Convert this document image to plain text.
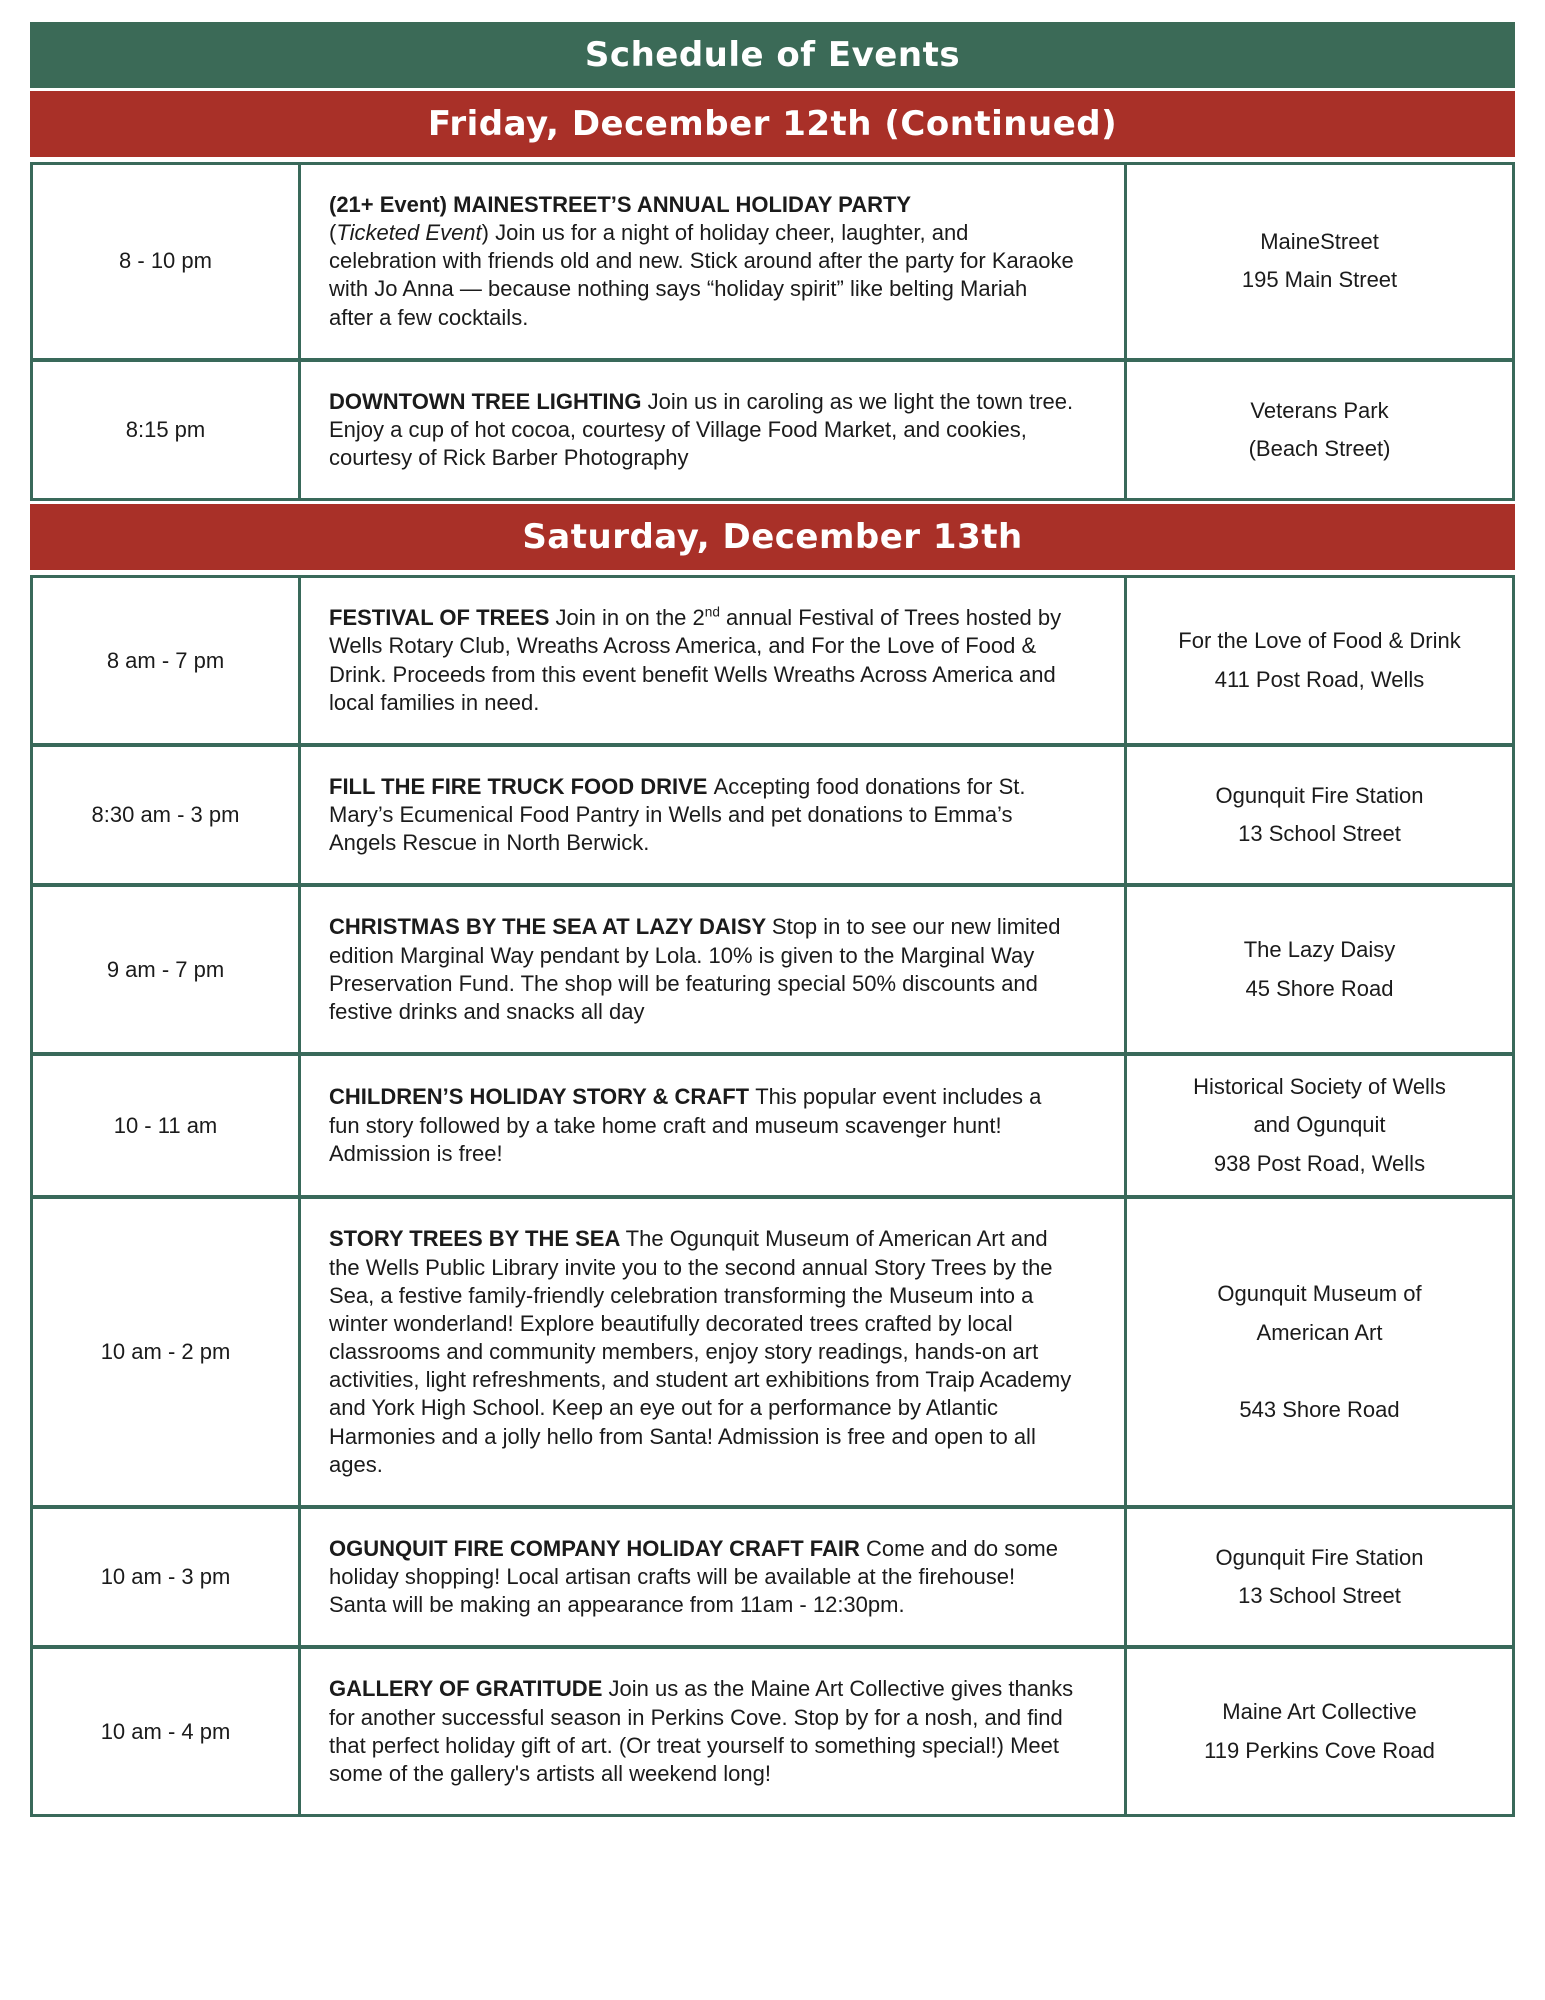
Schedule of Events
Friday, December 12th (Continued)
8 - 10 pm

(21+ Event) MAINESTREET’S ANNUAL HOLIDAY PARTY
(Ticketed Event) Join us for a night of holiday cheer, laughter, and celebration with friends old and new. Stick around after the party for Karaoke with Jo Anna — because nothing says “holiday spirit” like belting Mariah after a few cocktails.

MaineStreet
195 Main Street
8:15 pm

DOWNTOWN TREE LIGHTING Join us in caroling as we light the town tree. Enjoy a cup of hot cocoa, courtesy of Village Food Market, and cookies, courtesy of Rick Barber Photography

Veterans Park
(Beach Street)
Saturday, December 13th
8 am - 7 pm

FESTIVAL OF TREES Join in on the 2nd annual Festival of Trees hosted by Wells Rotary Club, Wreaths Across America, and For the Love of Food & Drink. Proceeds from this event benefit Wells Wreaths Across America and local families in need.

For the Love of Food & Drink
411 Post Road, Wells
8:30 am - 3 pm

FILL THE FIRE TRUCK FOOD DRIVE Accepting food donations for St. Mary’s Ecumenical Food Pantry in Wells and pet donations to Emma’s Angels Rescue in North Berwick.

Ogunquit Fire Station
13 School Street
9 am - 7 pm

CHRISTMAS BY THE SEA AT LAZY DAISY Stop in to see our new limited edition Marginal Way pendant by Lola. 10% is given to the Marginal Way Preservation Fund. The shop will be featuring special 50% discounts and festive drinks and snacks all day

The Lazy Daisy
45 Shore Road
10 - 11 am

CHILDREN’S HOLIDAY STORY & CRAFT This popular event includes a fun story followed by a take home craft and museum scavenger hunt! Admission is free!

Historical Society of Wells
and Ogunquit
938 Post Road, Wells
10 am - 2 pm

STORY TREES BY THE SEA The Ogunquit Museum of American Art and the Wells Public Library invite you to the second annual Story Trees by the Sea, a festive family-friendly celebration transforming the Museum into a winter wonderland! Explore beautifully decorated trees crafted by local classrooms and community members, enjoy story readings, hands-on art activities, light refreshments, and student art exhibitions from Traip Academy and York High School. Keep an eye out for a performance by Atlantic Harmonies and a jolly hello from Santa! Admission is free and open to all ages.

Ogunquit Museum of
American Art
543 Shore Road
10 am - 3 pm

OGUNQUIT FIRE COMPANY HOLIDAY CRAFT FAIR Come and do some holiday shopping! Local artisan crafts will be available at the firehouse! Santa will be making an appearance from 11am - 12:30pm.

Ogunquit Fire Station
13 School Street
10 am - 4 pm

GALLERY OF GRATITUDE Join us as the Maine Art Collective gives thanks for another successful season in Perkins Cove. Stop by for a nosh, and find that perfect holiday gift of art. (Or treat yourself to something special!) Meet some of the gallery's artists all weekend long!

Maine Art Collective
119 Perkins Cove Road
